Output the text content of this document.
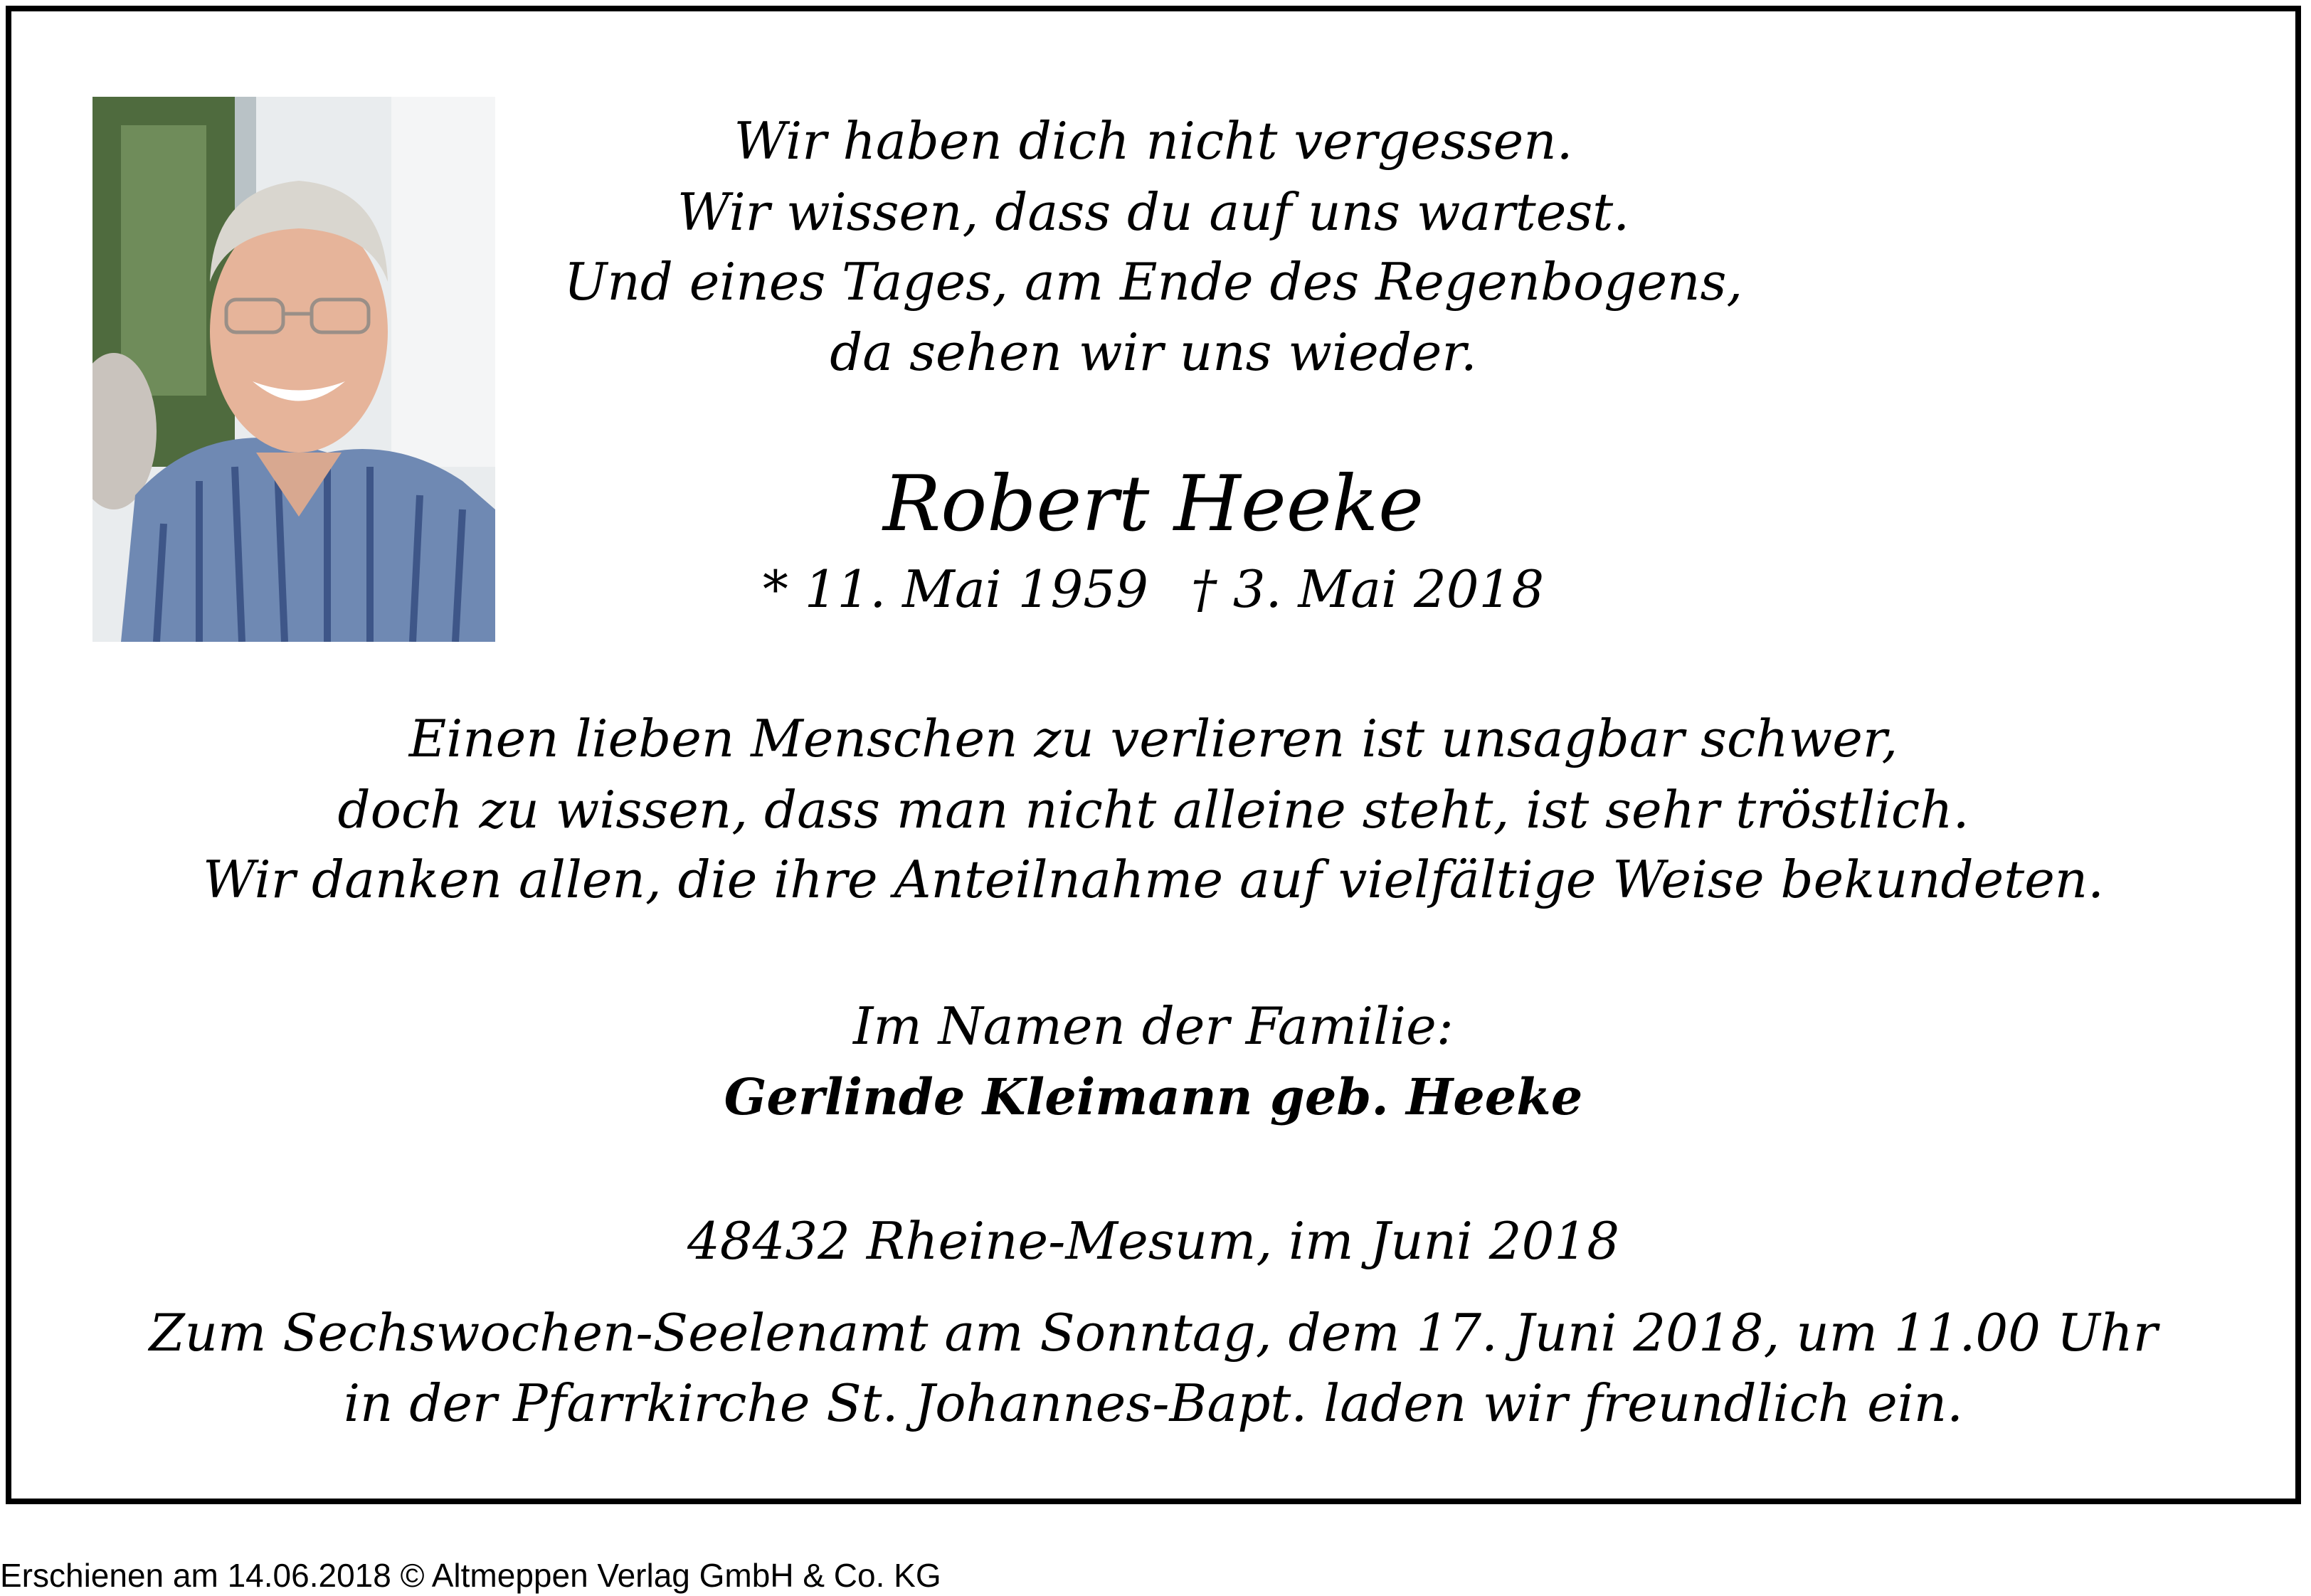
Wir haben dich nicht vergessen.
Wir wissen, dass du auf uns wartest.
Und eines Tages, am Ende des Regenbogens,
da sehen wir uns wieder.
Robert Heeke
* 11. Mai 1959 † 3. Mai 2018
Einen lieben Menschen zu verlieren ist unsagbar schwer,
doch zu wissen, dass man nicht alleine steht, ist sehr tröstlich.
Wir danken allen, die ihre Anteilnahme auf vielfältige Weise bekundeten.
Im Namen der Familie:
Gerlinde Kleimann geb. Heeke
48432 Rheine-Mesum, im Juni 2018
Zum Sechswochen-Seelenamt am Sonntag, dem 17. Juni 2018, um 11.00 Uhr
in der Pfarrkirche St. Johannes-Bapt. laden wir freundlich ein.
Erschienen am 14.06.2018 © Altmeppen Verlag GmbH & Co. KG
